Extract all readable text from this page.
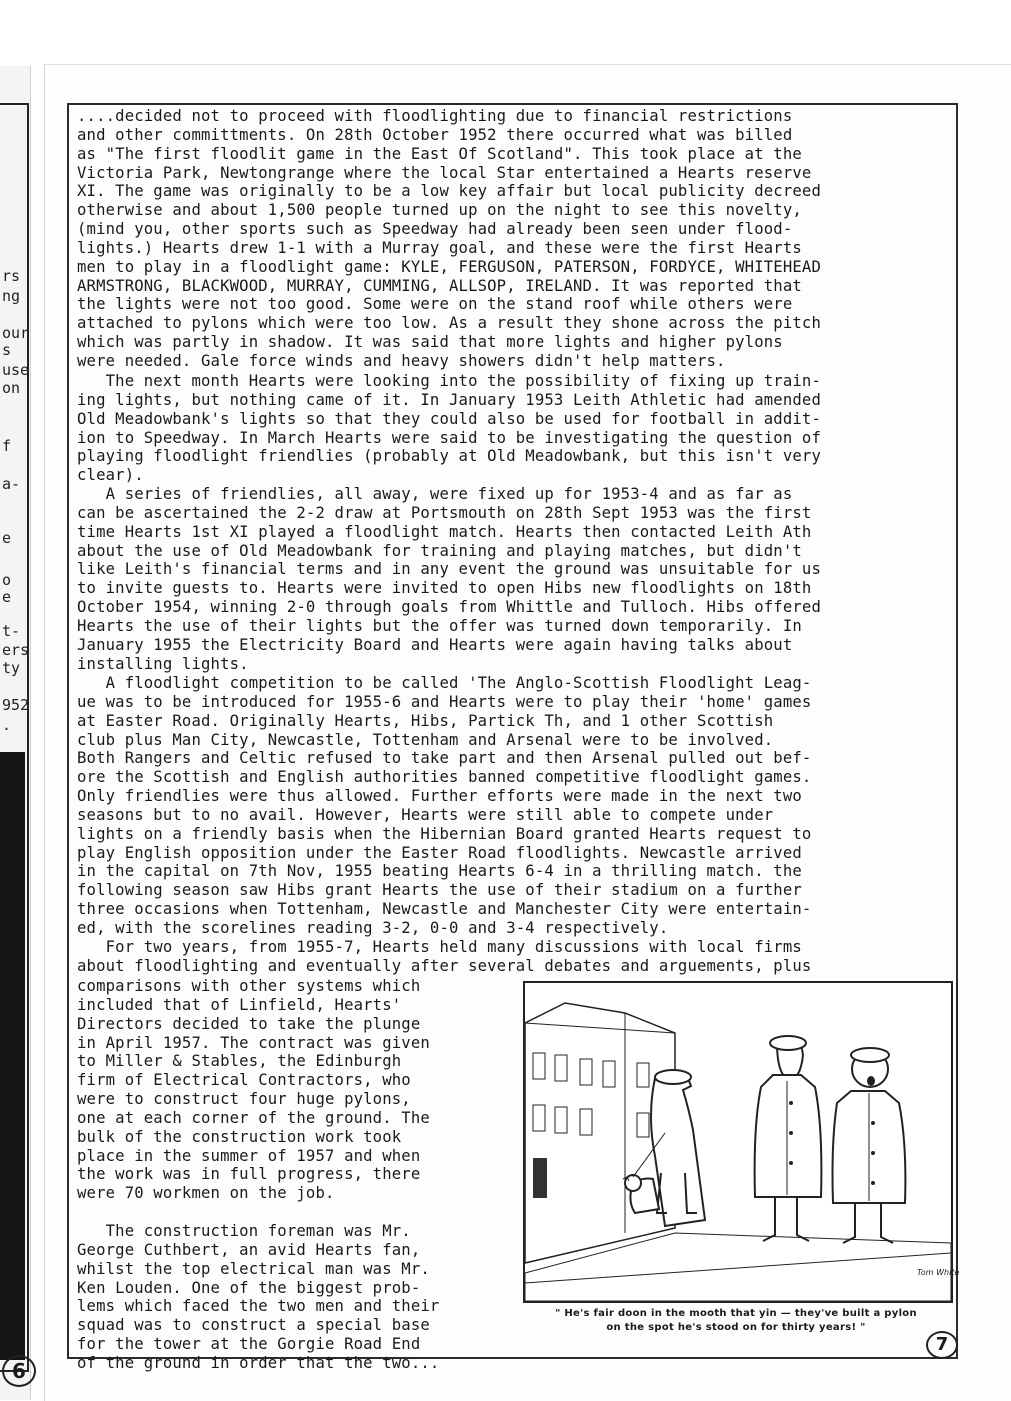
rs
ng
our
s
use
on
f
a-
e
o
e
t-
ers
ty
952
.
6
....decided not to proceed with floodlighting due to financial restrictions
and other committments. On 28th October 1952 there occurred what was billed
as "The first floodlit game in the East Of Scotland". This took place at the
Victoria Park, Newtongrange where the local Star entertained a Hearts reserve
XI. The game was originally to be a low key affair but local publicity decreed
otherwise and about 1,500 people turned up on the night to see this novelty,
(mind you, other sports such as Speedway had already been seen under flood-
lights.) Hearts drew 1-1 with a Murray goal, and these were the first Hearts
men to play in a floodlight game: KYLE, FERGUSON, PATERSON, FORDYCE, WHITEHEAD
ARMSTRONG, BLACKWOOD, MURRAY, CUMMING, ALLSOP, IRELAND. It was reported that
the lights were not too good. Some were on the stand roof while others were
attached to pylons which were too low. As a result they shone across the pitch
which was partly in shadow. It was said that more lights and higher pylons
were needed. Gale force winds and heavy showers didn't help matters.
The next month Hearts were looking into the possibility of fixing up train-
ing lights, but nothing came of it. In January 1953 Leith Athletic had amended
Old Meadowbank's lights so that they could also be used for football in addit-
ion to Speedway. In March Hearts were said to be investigating the question of
playing floodlight friendlies (probably at Old Meadowbank, but this isn't very
clear).
A series of friendlies, all away, were fixed up for 1953-4 and as far as
can be ascertained the 2-2 draw at Portsmouth on 28th Sept 1953 was the first
time Hearts 1st XI played a floodlight match. Hearts then contacted Leith Ath
about the use of Old Meadowbank for training and playing matches, but didn't
like Leith's financial terms and in any event the ground was unsuitable for us
to invite guests to. Hearts were invited to open Hibs new floodlights on 18th
October 1954, winning 2-0 through goals from Whittle and Tulloch. Hibs offered
Hearts the use of their lights but the offer was turned down temporarily. In
January 1955 the Electricity Board and Hearts were again having talks about
installing lights.
A floodlight competition to be called 'The Anglo-Scottish Floodlight Leag-
ue was to be introduced for 1955-6 and Hearts were to play their 'home' games
at Easter Road. Originally Hearts, Hibs, Partick Th, and 1 other Scottish
club plus Man City, Newcastle, Tottenham and Arsenal were to be involved.
Both Rangers and Celtic refused to take part and then Arsenal pulled out bef-
ore the Scottish and English authorities banned competitive floodlight games.
Only friendlies were thus allowed. Further efforts were made in the next two
seasons but to no avail. However, Hearts were still able to compete under
lights on a friendly basis when the Hibernian Board granted Hearts request to
play English opposition under the Easter Road floodlights. Newcastle arrived
in the capital on 7th Nov, 1955 beating Hearts 6-4 in a thrilling match. the
following season saw Hibs grant Hearts the use of their stadium on a further
three occasions when Tottenham, Newcastle and Manchester City were entertain-
ed, with the scorelines reading 3-2, 0-0 and 3-4 respectively.
For two years, from 1955-7, Hearts held many discussions with local firms
about floodlighting and eventually after several debates and arguements, plus
comparisons with other systems which
included that of Linfield, Hearts'
Directors decided to take the plunge
in April 1957. The contract was given
to Miller & Stables, the Edinburgh
firm of Electrical Contractors, who
were to construct four huge pylons,
one at each corner of the ground. The
bulk of the construction work took
place in the summer of 1957 and when
the work was in full progress, there
were 70 workmen on the job.
The construction foreman was Mr.
George Cuthbert, an avid Hearts fan,
whilst the top electrical man was Mr.
Ken Louden. One of the biggest prob-
lems which faced the two men and their
squad was to construct a special base
for the tower at the Gorgie Road End
of the ground in order that the two...
Tom White
" He's fair doon in the mooth that yin — they've built a pylon
on the spot he's stood on for thirty years! "
7
